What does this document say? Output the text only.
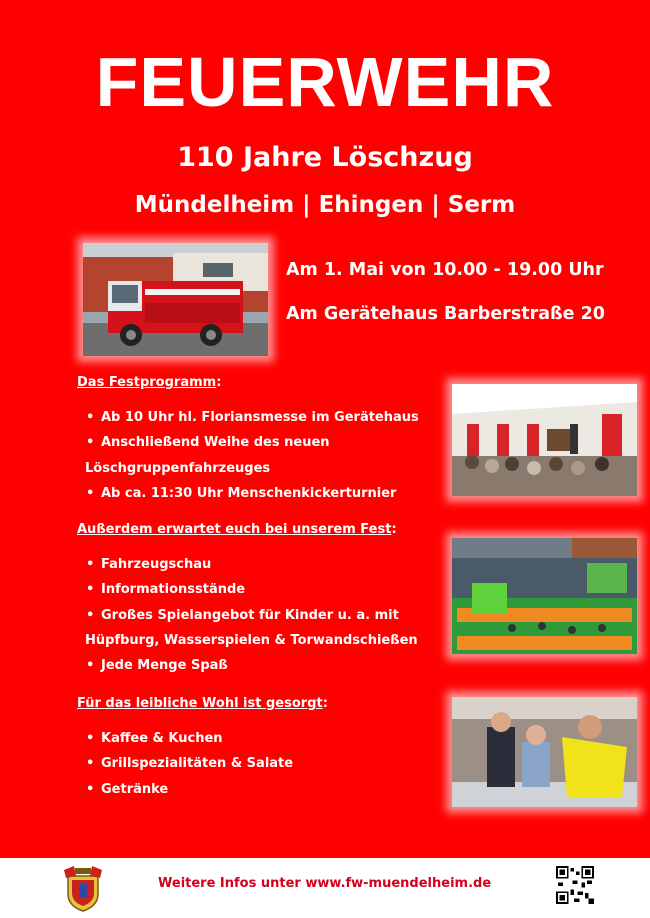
FEUERWEHR
110 Jahre Löschzug
Mündelheim | Ehingen | Serm
Am 1. Mai von 10.00 - 19.00 Uhr
Am Gerätehaus Barberstraße 20
Das Festprogramm:
• Ab 10 Uhr hl. Floriansmesse im Gerätehaus
• Anschließend Weihe des neuen
Löschgruppenfahrzeuges
• Ab ca. 11:30 Uhr Menschenkickerturnier
Außerdem erwartet euch bei unserem Fest:
• Fahrzeugschau
• Informationsstände
• Großes Spielangebot für Kinder u. a. mit
Hüpfburg, Wasserspielen & Torwandschießen
• Jede Menge Spaß
Für das leibliche Wohl ist gesorgt:
• Kaffee & Kuchen
• Grillspezialitäten & Salate
• Getränke
Weitere Infos unter www.fw-muendelheim.de
